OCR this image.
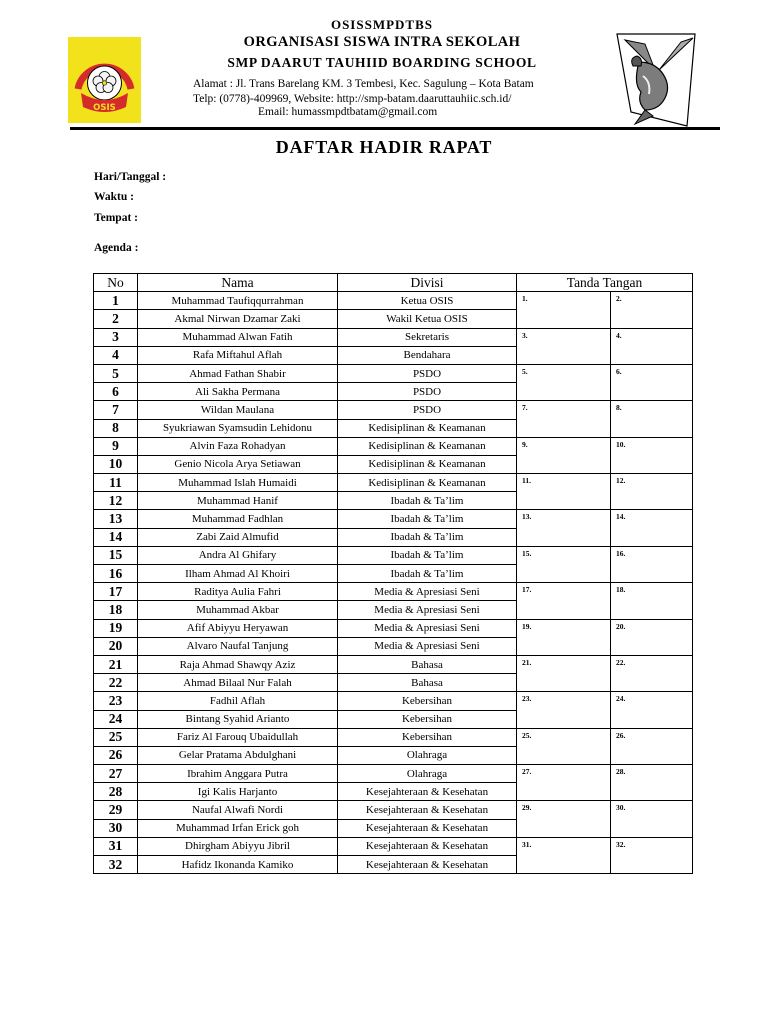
OSIS
OSISSMPDTBS
ORGANISASI SISWA INTRA SEKOLAH
SMP DAARUT TAUHIID BOARDING SCHOOL
Alamat : Jl. Trans Barelang KM. 3 Tembesi, Kec. Sagulung – Kota Batam
Telp: (0778)-409969, Website: http://smp-batam.daaruttauhiic.sch.id/
Email: humassmpdtbatam@gmail.com
DAFTAR HADIR RAPAT
Hari/Tanggal :
Waktu :
Tempat :
Agenda :
No	Nama	Divisi	Tanda Tangan	
1	Muhammad Taufiqqurrahman	Ketua OSIS	1.	2.
2	Akmal Nirwan Dzamar Zaki	Wakil Ketua OSIS		
3	Muhammad Alwan Fatih	Sekretaris	3.	4.
4	Rafa Miftahul Aflah	Bendahara		
5	Ahmad Fathan Shabir	PSDO	5.	6.
6	Ali Sakha Permana	PSDO		
7	Wildan Maulana	PSDO	7.	8.
8	Syukriawan Syamsudin Lehidonu	Kedisiplinan & Keamanan		
9	Alvin Faza Rohadyan	Kedisiplinan & Keamanan	9.	10.
10	Genio Nicola Arya Setiawan	Kedisiplinan & Keamanan		
11	Muhammad Islah Humaidi	Kedisiplinan & Keamanan	11.	12.
12	Muhammad Hanif	Ibadah & Ta’lim		
13	Muhammad Fadhlan	Ibadah & Ta’lim	13.	14.
14	Zabi Zaid Almufid	Ibadah & Ta’lim		
15	Andra Al Ghifary	Ibadah & Ta’lim	15.	16.
16	Ilham Ahmad Al Khoiri	Ibadah & Ta’lim		
17	Raditya Aulia Fahri	Media & Apresiasi Seni	17.	18.
18	Muhammad Akbar	Media & Apresiasi Seni		
19	Afif Abiyyu Heryawan	Media & Apresiasi Seni	19.	20.
20	Alvaro Naufal Tanjung	Media & Apresiasi Seni		
21	Raja Ahmad Shawqy Aziz	Bahasa	21.	22.
22	Ahmad Bilaal Nur Falah	Bahasa		
23	Fadhil Aflah	Kebersihan	23.	24.
24	Bintang Syahid Arianto	Kebersihan		
25	Fariz Al Farouq Ubaidullah	Kebersihan	25.	26.
26	Gelar Pratama Abdulghani	Olahraga		
27	Ibrahim Anggara Putra	Olahraga	27.	28.
28	Igi Kalis Harjanto	Kesejahteraan & Kesehatan		
29	Naufal Alwafi Nordi	Kesejahteraan & Kesehatan	29.	30.
30	Muhammad Irfan Erick goh	Kesejahteraan & Kesehatan		
31	Dhirgham Abiyyu Jibril	Kesejahteraan & Kesehatan	31.	32.
32	Hafidz Ikonanda Kamiko	Kesejahteraan & Kesehatan		
